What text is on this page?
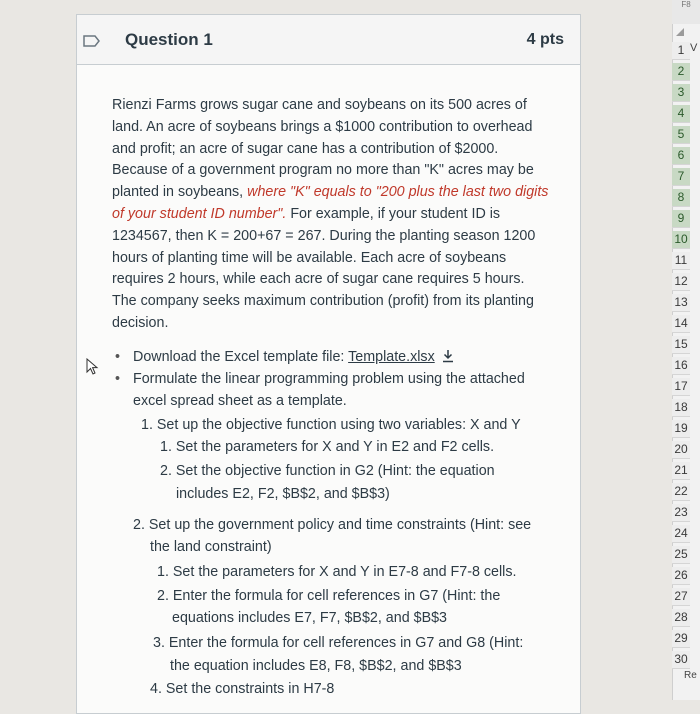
Question 1	4 pts
Rienzi Farms grows sugar cane and soybeans on its 500 acres of
land. An acre of soybeans brings a $1000 contribution to overhead
and profit; an acre of sugar cane has a contribution of $2000.
Because of a government program no more than "K" acres may be
planted in soybeans, where "K" equals to "200 plus the last two digits
of your student ID number". For example, if your student ID is
1234567, then K = 200+67 = 267. During the planting season 1200
hours of planting time will be available. Each acre of soybeans
requires 2 hours, while each acre of sugar cane requires 5 hours.
The company seeks maximum contribution (profit) from its planting
decision.
• Download the Excel template file: Template.xlsx
• Formulate the linear programming problem using the attached
excel spread sheet as a template.
1. Set up the objective function using two variables: X and Y
1. Set the parameters for X and Y in E2 and F2 cells.
2. Set the objective function in G2 (Hint: the equation
includes E2, F2, $B$2, and $B$3)
2. Set up the government policy and time constraints (Hint: see
the land constraint)
1. Set the parameters for X and Y in E7-8 and F7-8 cells.
2. Enter the formula for cell references in G7 (Hint: the
equations includes E7, F7, $B$2, and $B$3
3. Enter the formula for cell references in G7 and G8 (Hint:
the equation includes E8, F8, $B$2, and $B$3
4. Set the constraints in H7-8
F8
V
1
2
3
4
5
6
7
8
9
10
11
12
13
14
15
16
17
18
19
20
21
22
23
24
25
26
27
28
29
30
Re
